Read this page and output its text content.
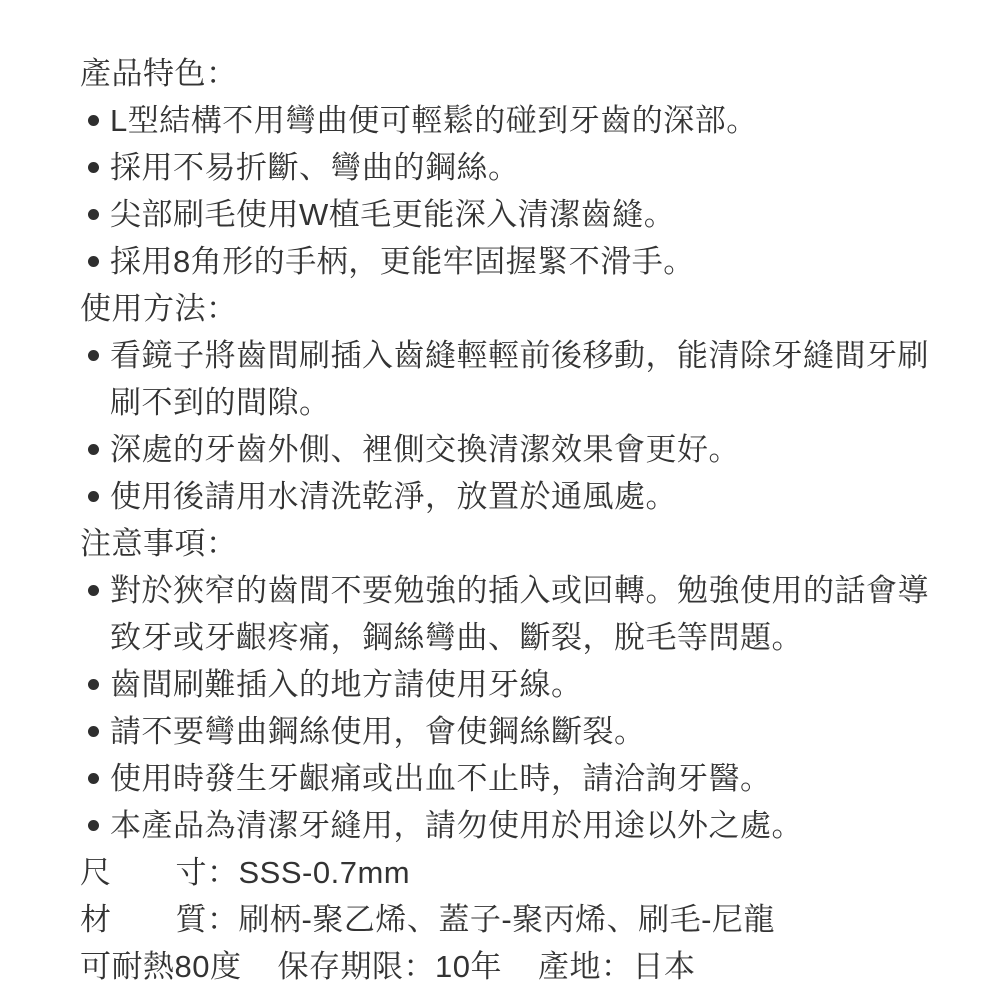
產品特色：
L型結構不用彎曲便可輕鬆的碰到牙齒的深部。
採用不易折斷、彎曲的鋼絲。
尖部刷毛使用W植毛更能深入清潔齒縫。
採用8角形的手柄，更能牢固握緊不滑手。
使用方法：
看鏡子將齒間刷插入齒縫輕輕前後移動，能清除牙縫間牙刷刷不到的間隙。
深處的牙齒外側、裡側交換清潔效果會更好。
使用後請用水清洗乾淨，放置於通風處。
注意事項：
對於狹窄的齒間不要勉強的插入或回轉。勉強使用的話會導致牙或牙齦疼痛，鋼絲彎曲、斷裂，脫毛等問題。
齒間刷難插入的地方請使用牙線。
請不要彎曲鋼絲使用，會使鋼絲斷裂。
使用時發生牙齦痛或出血不止時，請洽詢牙醫。
本產品為清潔牙縫用，請勿使用於用途以外之處。
尺 寸：SSS-0.7mm
材 質：刷柄-聚乙烯、蓋子-聚丙烯、刷毛-尼龍
可耐熱80度 保存期限：10年 產地：日本
